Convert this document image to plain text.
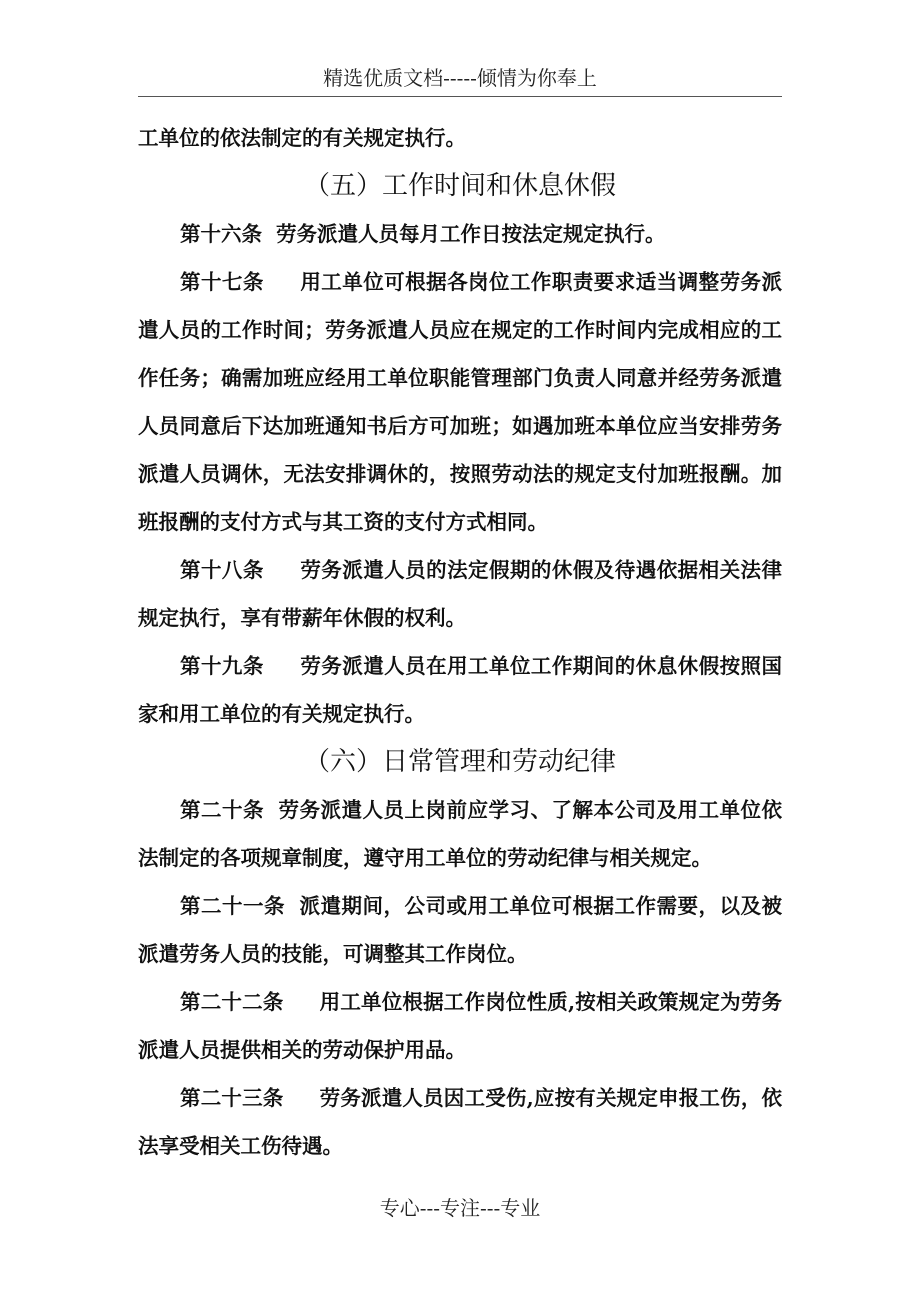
精选优质文档-----倾情为你奉上

工单位的依法制定的有关规定执行。

（五）工作时间和休息休假

第十六条 劳务派遣人员每月工作日按法定规定执行。

第十七条 用工单位可根据各岗位工作职责要求适当调整劳务派遣人员的工作时间；劳务派遣人员应在规定的工作时间内完成相应的工作任务；确需加班应经用工单位职能管理部门负责人同意并经劳务派遣人员同意后下达加班通知书后方可加班；如遇加班本单位应当安排劳务派遣人员调休，无法安排调休的，按照劳动法的规定支付加班报酬。加班报酬的支付方式与其工资的支付方式相同。

第十八条 劳务派遣人员的法定假期的休假及待遇依据相关法律规定执行，享有带薪年休假的权利。

第十九条 劳务派遣人员在用工单位工作期间的休息休假按照国家和用工单位的有关规定执行。

（六）日常管理和劳动纪律

第二十条 劳务派遣人员上岗前应学习、了解本公司及用工单位依法制定的各项规章制度，遵守用工单位的劳动纪律与相关规定。

第二十一条 派遣期间，公司或用工单位可根据工作需要，以及被派遣劳务人员的技能，可调整其工作岗位。

第二十二条 用工单位根据工作岗位性质,按相关政策规定为劳务派遣人员提供相关的劳动保护用品。

第二十三条 劳务派遣人员因工受伤,应按有关规定申报工伤，依法享受相关工伤待遇。

专心---专注---专业
